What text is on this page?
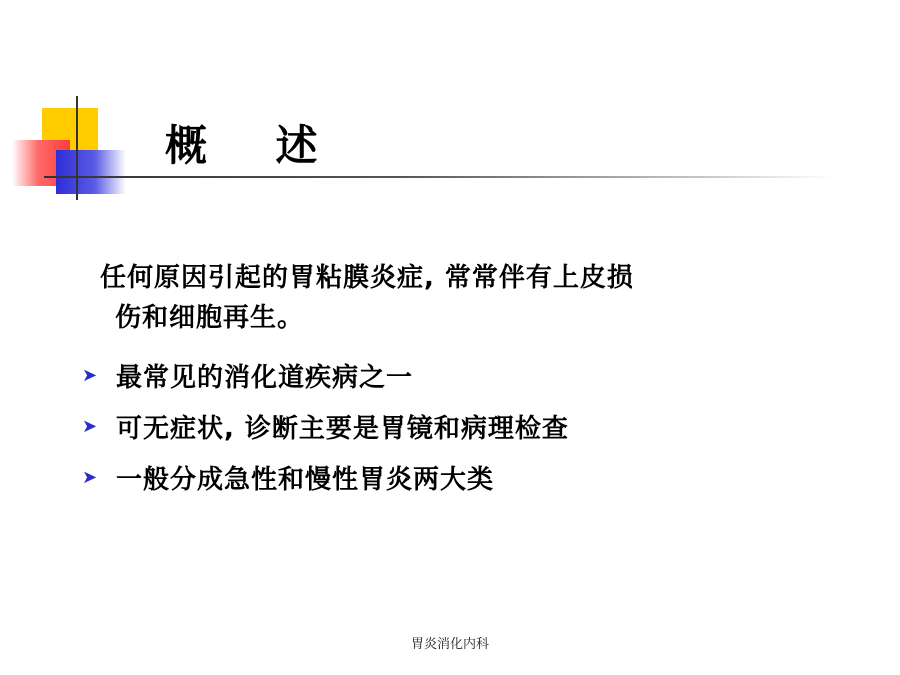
概    述
任何原因引起的胃粘膜炎症, 常常伴有上皮损
伤和细胞再生。
➤ 最常见的消化道疾病之一
➤ 可无症状, 诊断主要是胃镜和病理检查
➤ 一般分成急性和慢性胃炎两大类
胃炎消化内科
